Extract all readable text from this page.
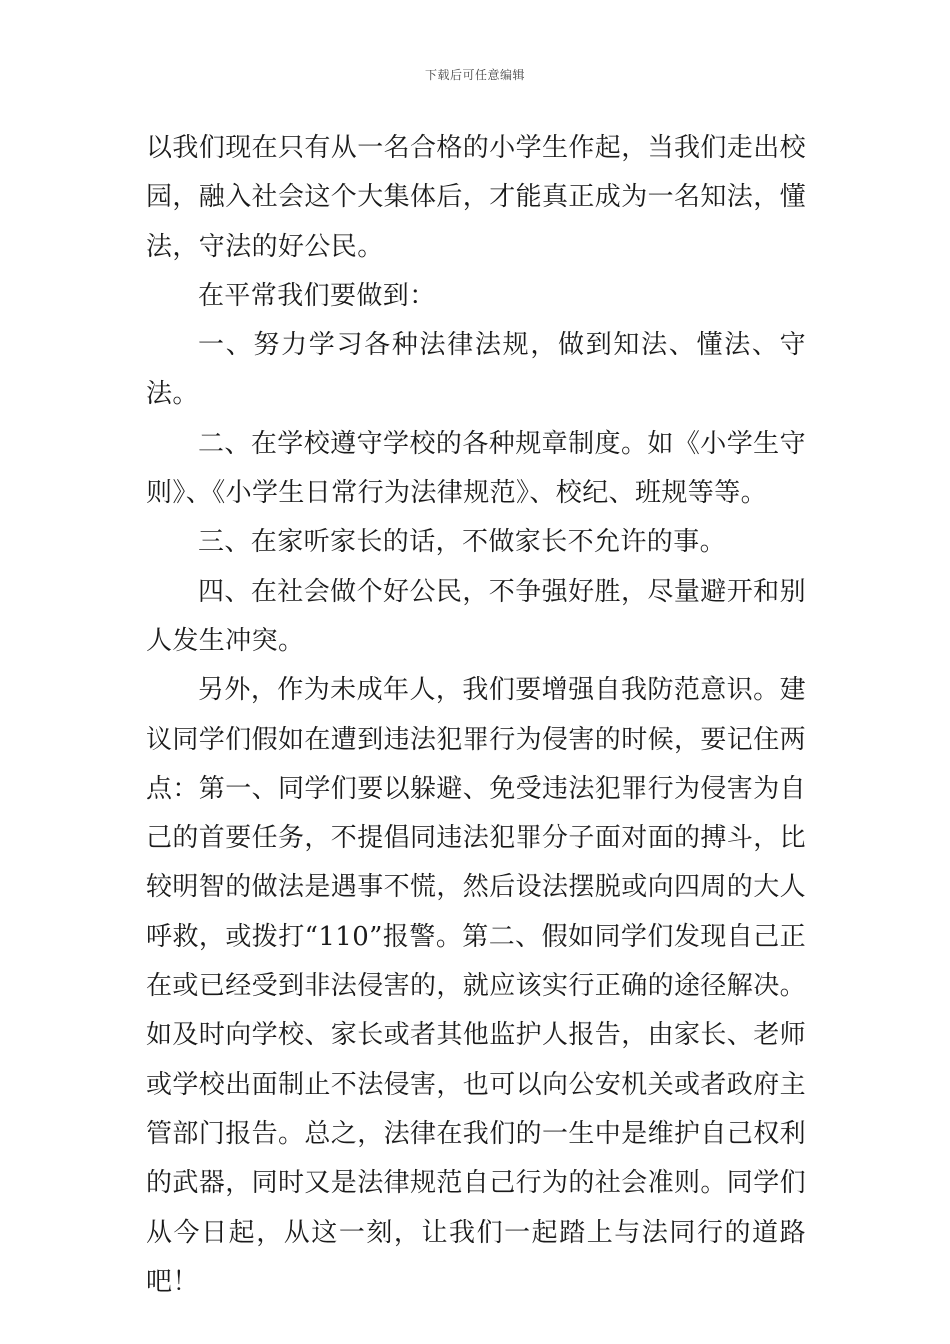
下载后可任意编辑

以我们现在只有从一名合格的小学生作起，当我们走出校园，融入社会这个大集体后，才能真正成为一名知法，懂法，守法的好公民。

在平常我们要做到：

一、努力学习各种法律法规，做到知法、懂法、守法。

二、在学校遵守学校的各种规章制度。如《小学生守则》、《小学生日常行为法律规范》、校纪、班规等等。

三、在家听家长的话，不做家长不允许的事。

四、在社会做个好公民，不争强好胜，尽量避开和别人发生冲突。

另外，作为未成年人，我们要增强自我防范意识。建议同学们假如在遭到违法犯罪行为侵害的时候，要记住两点：第一、同学们要以躲避、免受违法犯罪行为侵害为自己的首要任务，不提倡同违法犯罪分子面对面的搏斗，比较明智的做法是遇事不慌，然后设法摆脱或向四周的大人呼救，或拨打“110”报警。第二、假如同学们发现自己正在或已经受到非法侵害的，就应该实行正确的途径解决。如及时向学校、家长或者其他监护人报告，由家长、老师或学校出面制止不法侵害，也可以向公安机关或者政府主管部门报告。总之，法律在我们的一生中是维护自己权利的武器，同时又是法律规范自己行为的社会准则。同学们从今日起，从这一刻，让我们一起踏上与法同行的道路吧！
